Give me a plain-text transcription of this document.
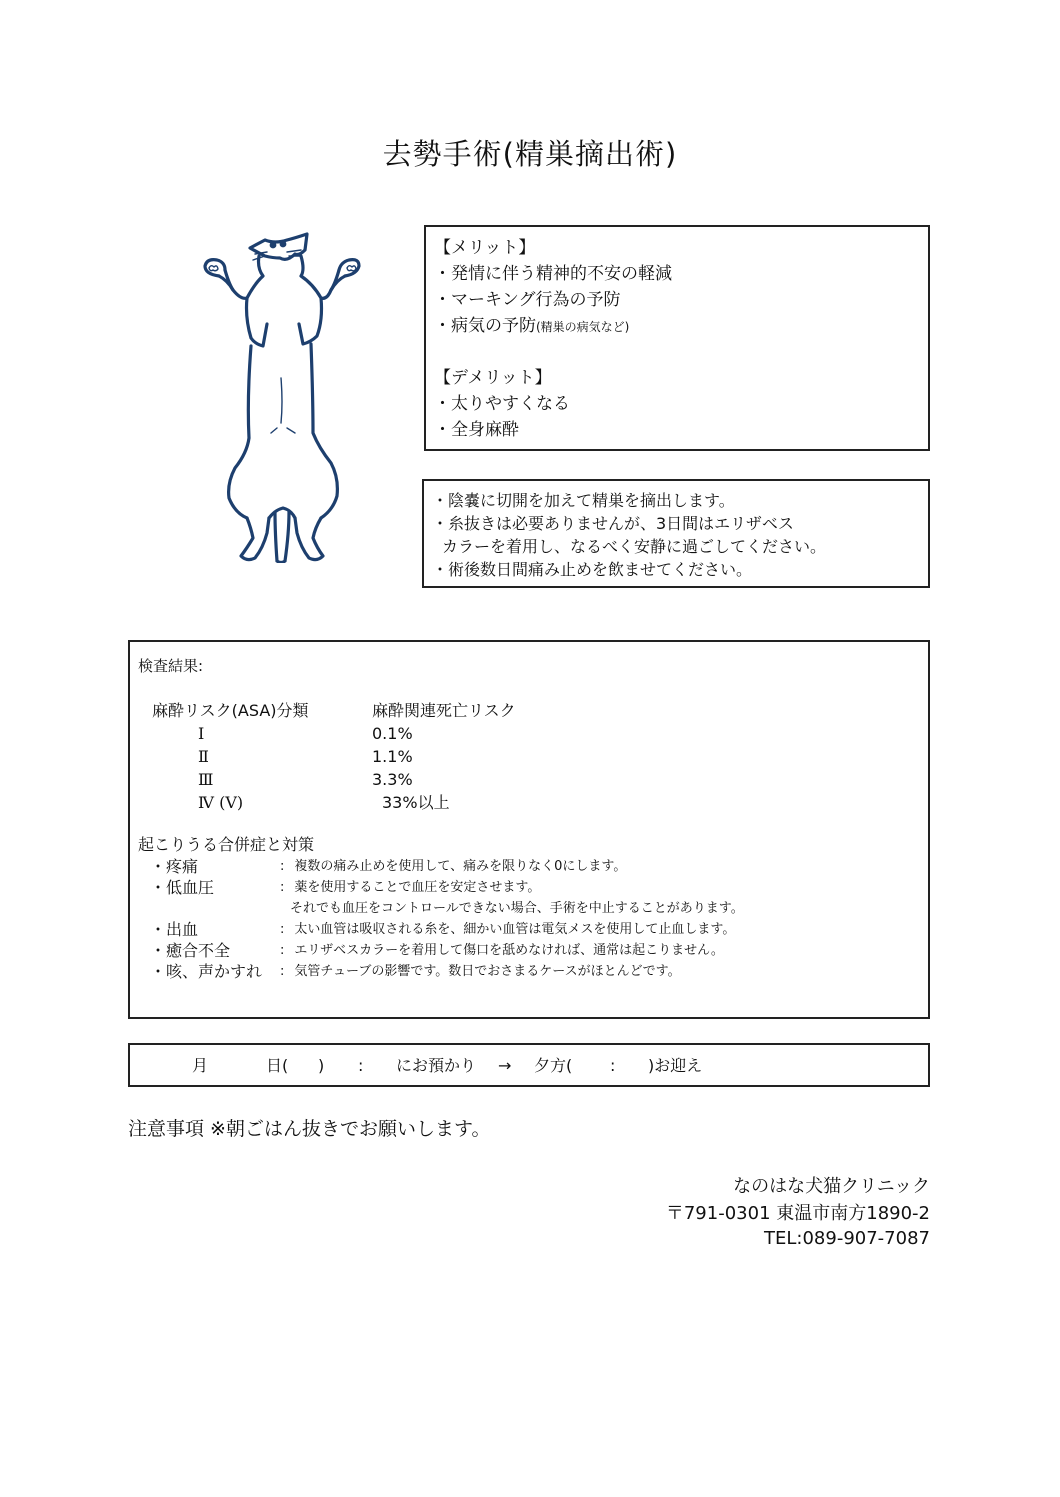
去勢手術(精巣摘出術)
【メリット】
・発情に伴う精神的不安の軽減
・マーキング行為の予防
・病気の予防(精巣の病気など)
【デメリット】
・太りやすくなる
・全身麻酔
・陰嚢に切開を加えて精巣を摘出します。
・糸抜きは必要ありませんが、3日間はエリザベス
カラーを着用し、なるべく安静に過ごしてください。
・術後数日間痛み止めを飲ませてください。
検査結果:
麻酔リスク(ASA)分類	麻酔関連死亡リスク
Ⅰ	0.1%
Ⅱ	1.1%
Ⅲ	3.3%
Ⅳ (Ⅴ)	33%以上
起こりうる合併症と対策
・疼痛	: 複数の痛み止めを使用して、痛みを限りなく0にします。
・低血圧	: 薬を使用することで血圧を安定させます。
それでも血圧をコントロールできない場合、手術を中止することがあります。
・出血	: 太い血管は吸収される糸を、細かい血管は電気メスを使用して止血します。
・癒合不全	: エリザベスカラーを着用して傷口を舐めなければ、通常は起こりません。
・咳、声かすれ	: 気管チューブの影響です。数日でおさまるケースがほとんどです。
月	日( ) : にお預かり → 夕方( : )お迎え
注意事項 ※朝ごはん抜きでお願いします。
なのはな犬猫クリニック
〒791-0301 東温市南方1890-2
TEL:089-907-7087
